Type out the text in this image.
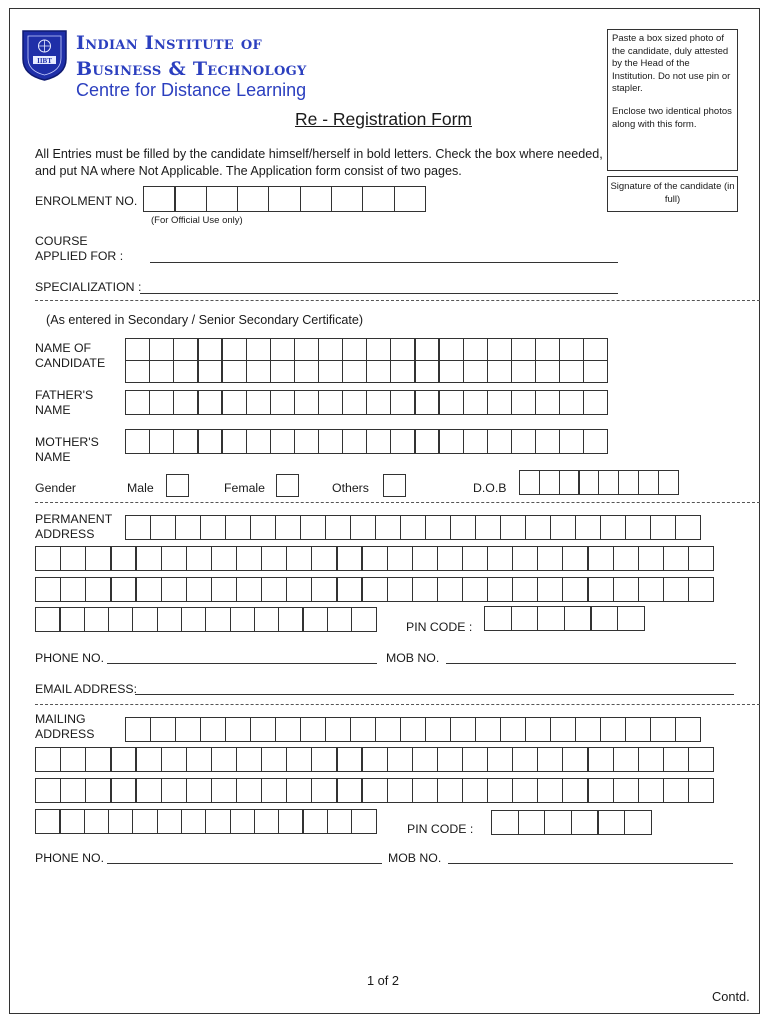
IIBT
Indian Institute of
Business & Technology
Centre for Distance Learning
Re - Registration Form

Paste a box sized photo of the candidate, duly attested by the Head of the Institution. Do not use pin or stapler.

Enclose two identical photos along with this form.

Signature of the candidate (in full)
All Entries must be filled by the candidate himself/herself in bold letters. Check the box where needed, and put NA where Not Applicable. The Application form consist of two pages.
ENROLMENT NO.
(For Official Use only)
COURSE
APPLIED FOR :
SPECIALIZATION :
(As entered in Secondary / Senior Secondary Certificate)
NAME OF
CANDIDATE
FATHER'S
NAME
MOTHER'S
NAME
Gender	Male	Female	Others	D.O.B
PERMANENT
ADDRESS
PIN CODE :
PHONE NO.	MOB NO.
EMAIL ADDRESS:
MAILING
ADDRESS
PIN CODE :
PHONE NO.	MOB NO.
1 of 2
Contd.
